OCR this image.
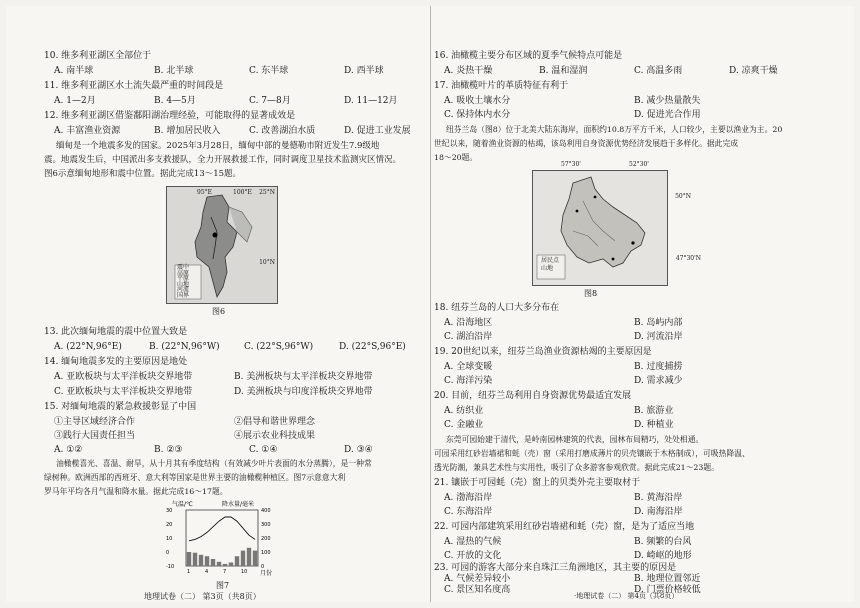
10. 维多利亚湖区全部位于
A. 南半球	B. 北半球	C. 东半球	D. 西半球
11. 维多利亚湖区水土流失最严重的时间段是
A. 1—2月	B. 4—5月	C. 7—8月	D. 11—12月
12. 维多利亚湖区借鉴鄱阳湖治理经验，可能取得的显著成效是
A. 丰富渔业资源	B. 增加居民收入	C. 改善湖泊水质	D. 促进工业发展
缅甸是一个地震多发的国家。2025年3月28日，缅甸中部的曼德勒市附近发生7.9级地
震。地震发生后，中国派出多支救援队，全力开展救援工作，同时调度卫星技术监测灾区情况。
图6示意缅甸地形和震中位置。据此完成13～15题。
震中
高原
平原
山地
河流
国界
25°N
10°N
95°E	100°E
图6
13. 此次缅甸地震的震中位置大致是
A. (22°N,96°E)	B. (22°N,96°W)	C. (22°S,96°W)	D. (22°S,96°E)
14. 缅甸地震多发的主要原因是地处
A. 亚欧板块与太平洋板块交界地带	B. 美洲板块与太平洋板块交界地带
C. 亚欧板块与太平洋板块交界地带	D. 美洲板块与印度洋板块交界地带
15. 对缅甸地震的紧急救援彰显了中国
①主导区域经济合作	②倡导和谐世界理念
③践行大国责任担当	④展示农业科技成果
A. ①②	B. ②③	C. ①④	D. ③④
油橄榄喜光、喜温、耐旱，从十月其有季度结构（有效减少叶片表面的水分蒸腾），是一种常
绿树种。欧洲西部的西班牙、意大利等国家是世界主要的油橄榄种植区。图7示意意大利
罗马年平均各月气温和降水量。据此完成16～17题。
气温/℃	降水量/毫米
30
20
10
0
-10
400
300
200
100
0
1	4	7	10 月份
图7
地理试卷（二） 第3页（共8页）
16. 油橄榄主要分布区域的夏季气候特点可能是
A. 炎热干燥	B. 温和湿润	C. 高温多雨	D. 凉爽干燥
17. 油橄榄叶片的革质特征有利于
A. 吸收土壤水分	B. 减少热量散失
C. 保持体内水分	D. 促进光合作用
纽芬兰岛（图8）位于北美大陆东海岸，面积约10.8万平方千米，人口较少，主要以渔业为主。20
世纪以来，随着渔业资源的枯竭，该岛利用自身资源优势经济发展趋于多样化。据此完成
18～20题。
57°30'	52°30'
50°N
47°30'N
居民点
山地
图8
18. 纽芬兰岛的人口大多分布在
A. 沿海地区	B. 岛屿内部
C. 湖泊沿岸	D. 河流沿岸
19. 20世纪以来，纽芬兰岛渔业资源枯竭的主要原因是
A. 全球变暖	B. 过度捕捞
C. 海洋污染	D. 需求减少
20. 目前，纽芬兰岛利用自身资源优势最适宜发展
A. 纺织业	B. 旅游业
C. 金融业	D. 种植业
东莞可园始建于清代，是岭南园林建筑的代表，园林布局精巧，处处相通。
可园采用红砂岩墙裙和蚝（壳）窗（采用打磨成薄片的贝壳镶嵌于木格制成），可吸热降温、
透光防潮，兼具艺术性与实用性，吸引了众多游客参观欣赏。据此完成21～23题。
21. 镶嵌于可园蚝（壳）窗上的贝类外壳主要取材于
A. 渤海沿岸	B. 黄海沿岸
C. 东海沿岸	D. 南海沿岸
22. 可园内部建筑采用红砂岩墙裙和蚝（壳）窗，是为了适应当地
A. 湿热的气候	B. 频繁的台风
C. 开放的文化	D. 崎岖的地形
23. 可园的游客大部分来自珠江三角洲地区，其主要的原因是
A. 气候差异较小	B. 地理位置邻近
C. 景区知名度高	D. 门票价格较低
·地理试卷（二） 第4页（共8页）
